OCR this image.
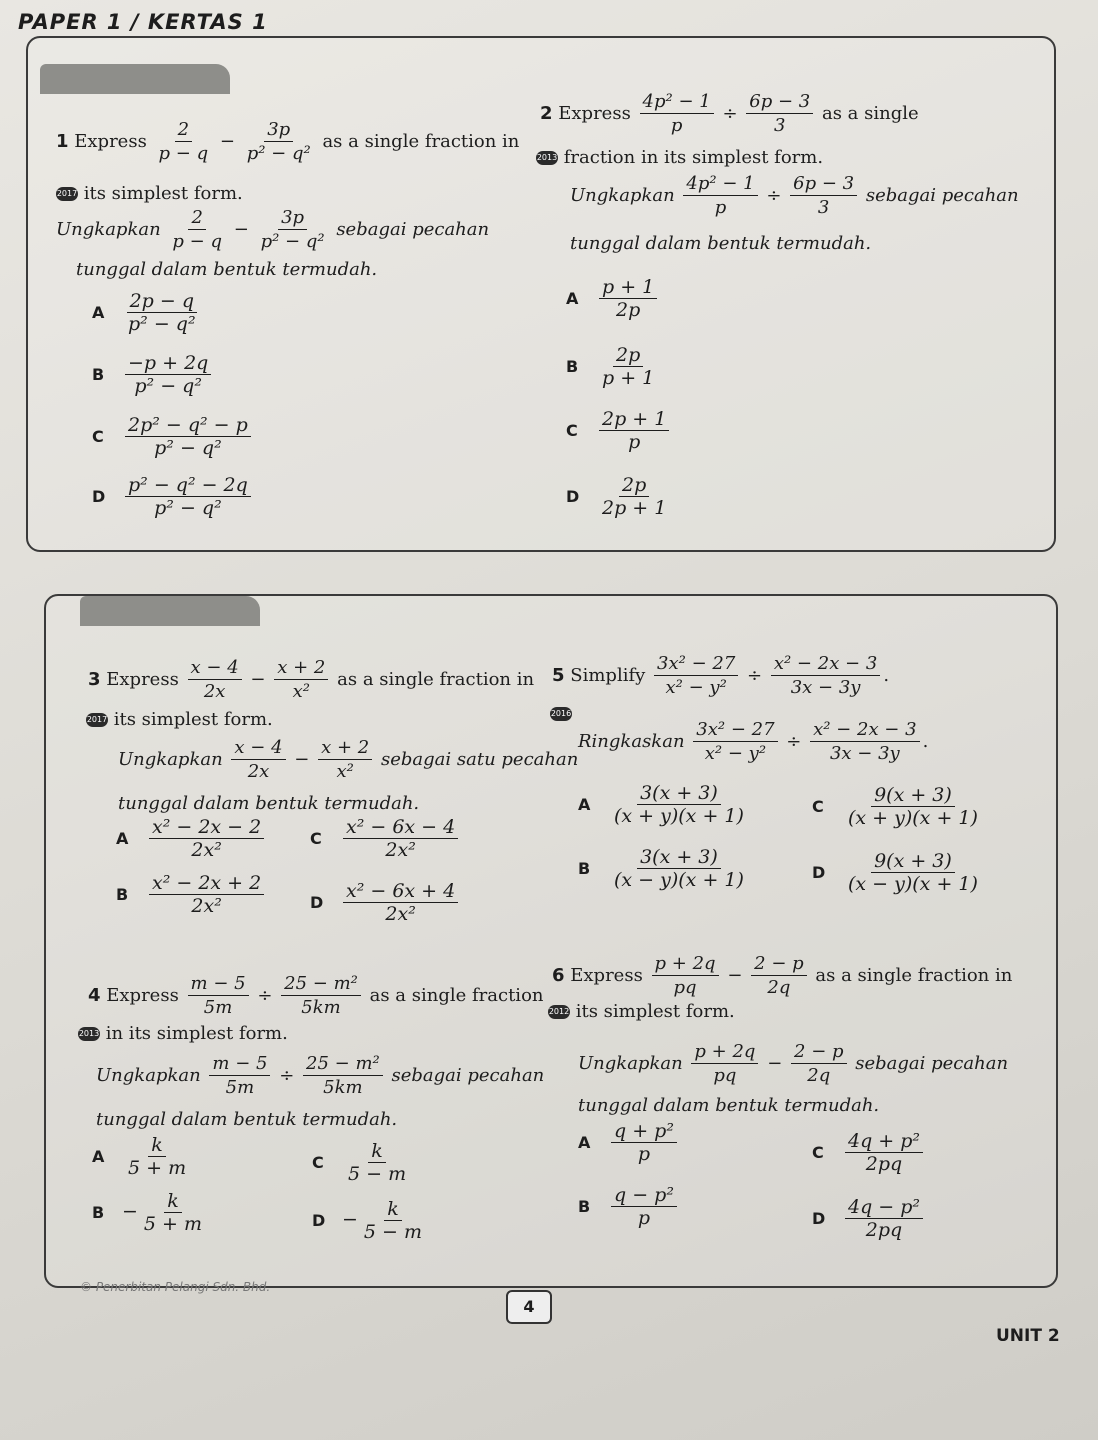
PAPER 1 / KERTAS 1
1 Express $\frac{2}{p - q} - \frac{3p}{\text{p² − q²}}$ as a single fraction in
2017 its simplest form.
Ungkapkan $\frac{2}{p - q} - \frac{3p}{\text{p² − q²}}$ sebagai pecahan
tunggal dalam bentuk termudah.
A $\frac{2p - q}{\text{p² − q²}}$
B $\frac{-p + 2q}{\text{p² − q²}}$
C $\frac{\text{2p² − q² − p}}{\text{p² − q²}}$
D $\frac{\text{p² − q² − 2q}}{\text{p² − q²}}$
2 Express $\frac{\text{4p² − 1}}{p} \div \frac{6p - 3}{3}$ as a single
2013 fraction in its simplest form.
Ungkapkan $\frac{\text{4p² − 1}}{p} \div \frac{6p - 3}{3}$ sebagai pecahan
tunggal dalam bentuk termudah.
A $\frac{p + 1}{2p}$
B $\frac{2p}{p + 1}$
C $\frac{2p + 1}{p}$
D $\frac{2p}{2p + 1}$
3 Express $\frac{x - 4}{2x} - \frac{x + 2}{\text{x²}}$ as a single fraction in
2017 its simplest form.
Ungkapkan $\frac{x - 4}{2x} - \frac{x + 2}{\text{x²}}$ sebagai satu pecahan
tunggal dalam bentuk termudah.
A $\frac{\text{x² − 2x − 2}}{\text{2x²}}$
B $\frac{\text{x² − 2x + 2}}{\text{2x²}}$
C $\frac{\text{x² − 6x − 4}}{\text{2x²}}$
D $\frac{\text{x² − 6x + 4}}{\text{2x²}}$
4 Express $\frac{m - 5}{5m} \div \frac{\text{25 − m²}}{5km}$ as a single fraction
2013 in its simplest form.
Ungkapkan $\frac{m - 5}{5m} \div \frac{\text{25 − m²}}{5km}$ sebagai pecahan
tunggal dalam bentuk termudah.
A $\frac{k}{5 + m}$
$B - \frac{k}{5 + m}$
C $\frac{k}{5 - m}$
$D - \frac{k}{5 - m}$
5 Simplify $\frac{\text{3x² − 27}}{\text{x² − y²}} \div \frac{\text{x² − 2x − 3}}{3x - 3y}$ .
2016
Ringkaskan $\frac{\text{3x² − 27}}{\text{x² − y²}} \div \frac{\text{x² − 2x − 3}}{3x - 3y}$ .
A $\frac{3(x + 3)}{(x + y)(x + 1)}$
B $\frac{3(x + 3)}{(x - y)(x + 1)}$
C $\frac{9(x + 3)}{(x + y)(x + 1)}$
D $\frac{9(x + 3)}{(x - y)(x + 1)}$
6 Express $\frac{p + 2q}{pq} - \frac{2 - p}{2q}$ as a single fraction in
2012 its simplest form.
Ungkapkan $\frac{p + 2q}{pq} - \frac{2 - p}{2q}$ sebagai pecahan
tunggal dalam bentuk termudah.
A $\frac{\text{q + p²}}{p}$
B $\frac{\text{q − p²}}{p}$
C $\frac{\text{4q + p²}}{2pq}$
D $\frac{\text{4q − p²}}{2pq}$
© Penerbitan Pelangi Sdn. Bhd.
4
UNIT 2
